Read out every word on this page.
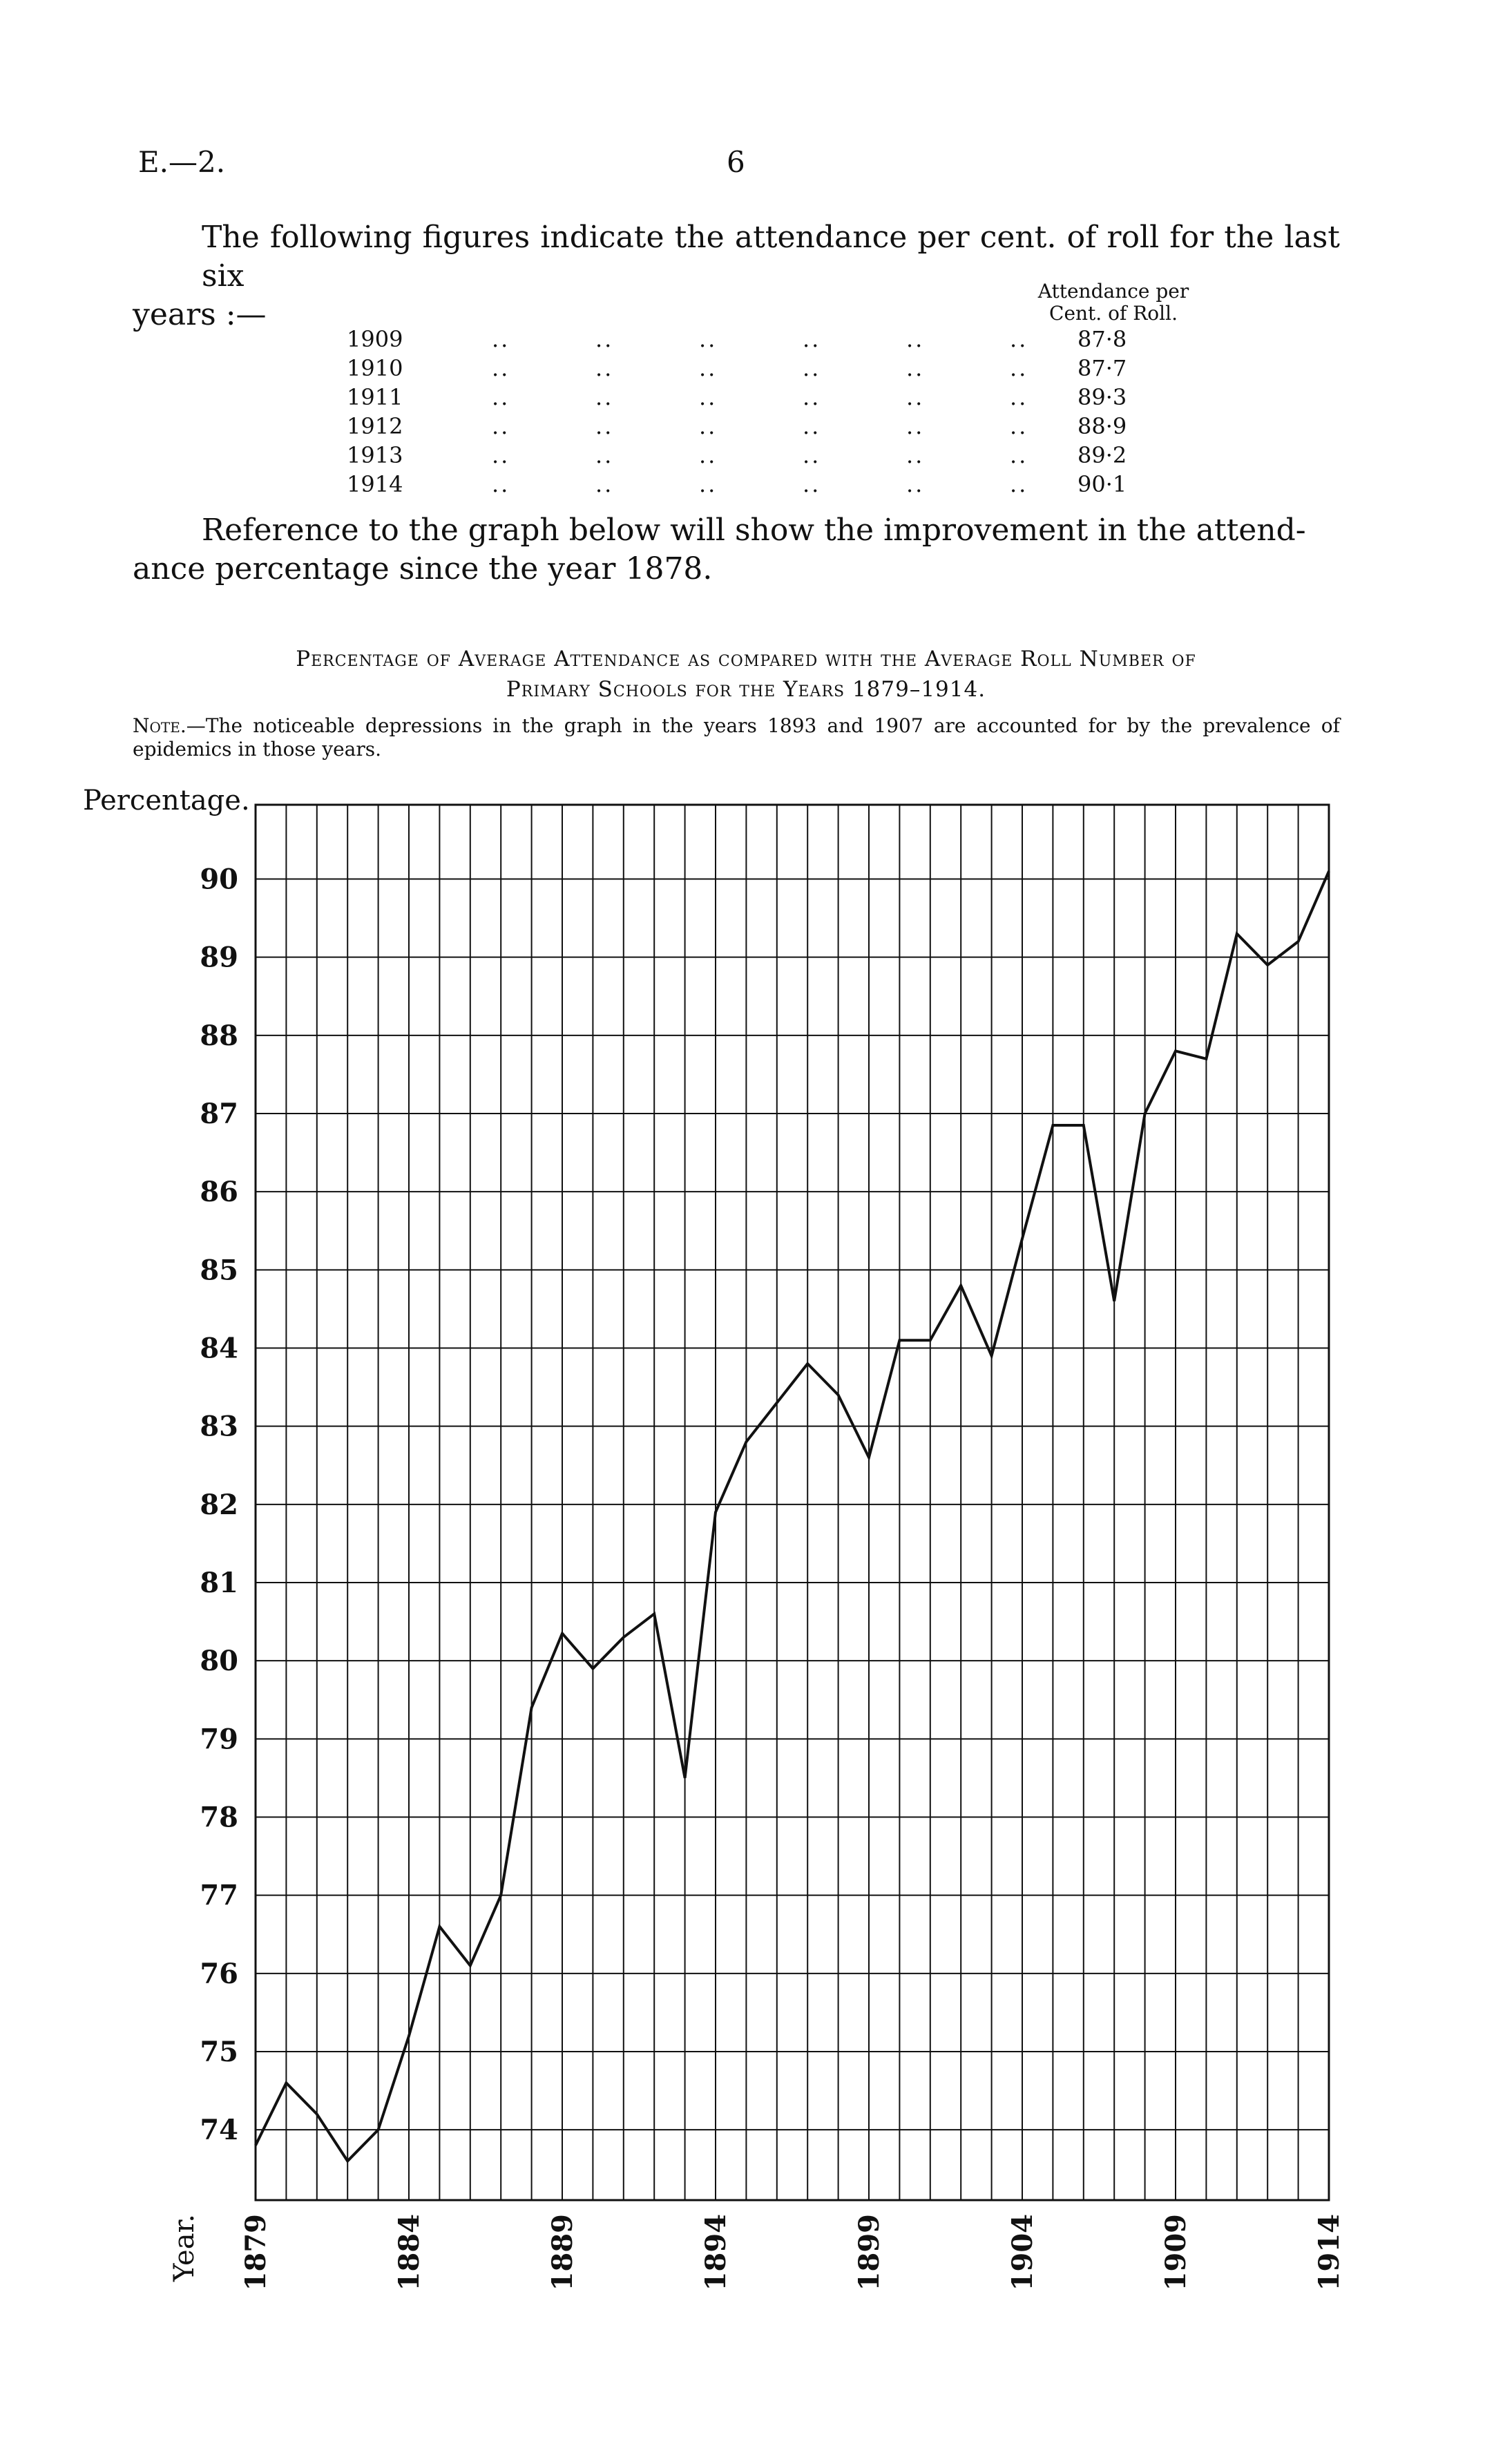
E.—2.	6
The following figures indicate the attendance per cent. of roll for the last six
years :—
Attendance per
Cent. of Roll.
1909	..	..	..	..	..	..	87·8
1910	..	..	..	..	..	..	87·7
1911	..	..	..	..	..	..	89·3
1912	..	..	..	..	..	..	88·9
1913	..	..	..	..	..	..	89·2
1914	..	..	..	..	..	..	90·1
Reference to the graph below will show the improvement in the attend-
ance percentage since the year 1878.
Percentage of Average Attendance as compared with the Average Roll Number of
Primary Schools for the Years 1879–1914.
Note.—The noticeable depressions in the graph in the years 1893 and 1907 are accounted for by the prevalence of epidemics in those years.
74
75
76
77
78
79
80
81
82
83
84
85
86
87
88
89
90
Percentage.
1879	1884	1889	1894	1899	1904	1909	1914
Year.
